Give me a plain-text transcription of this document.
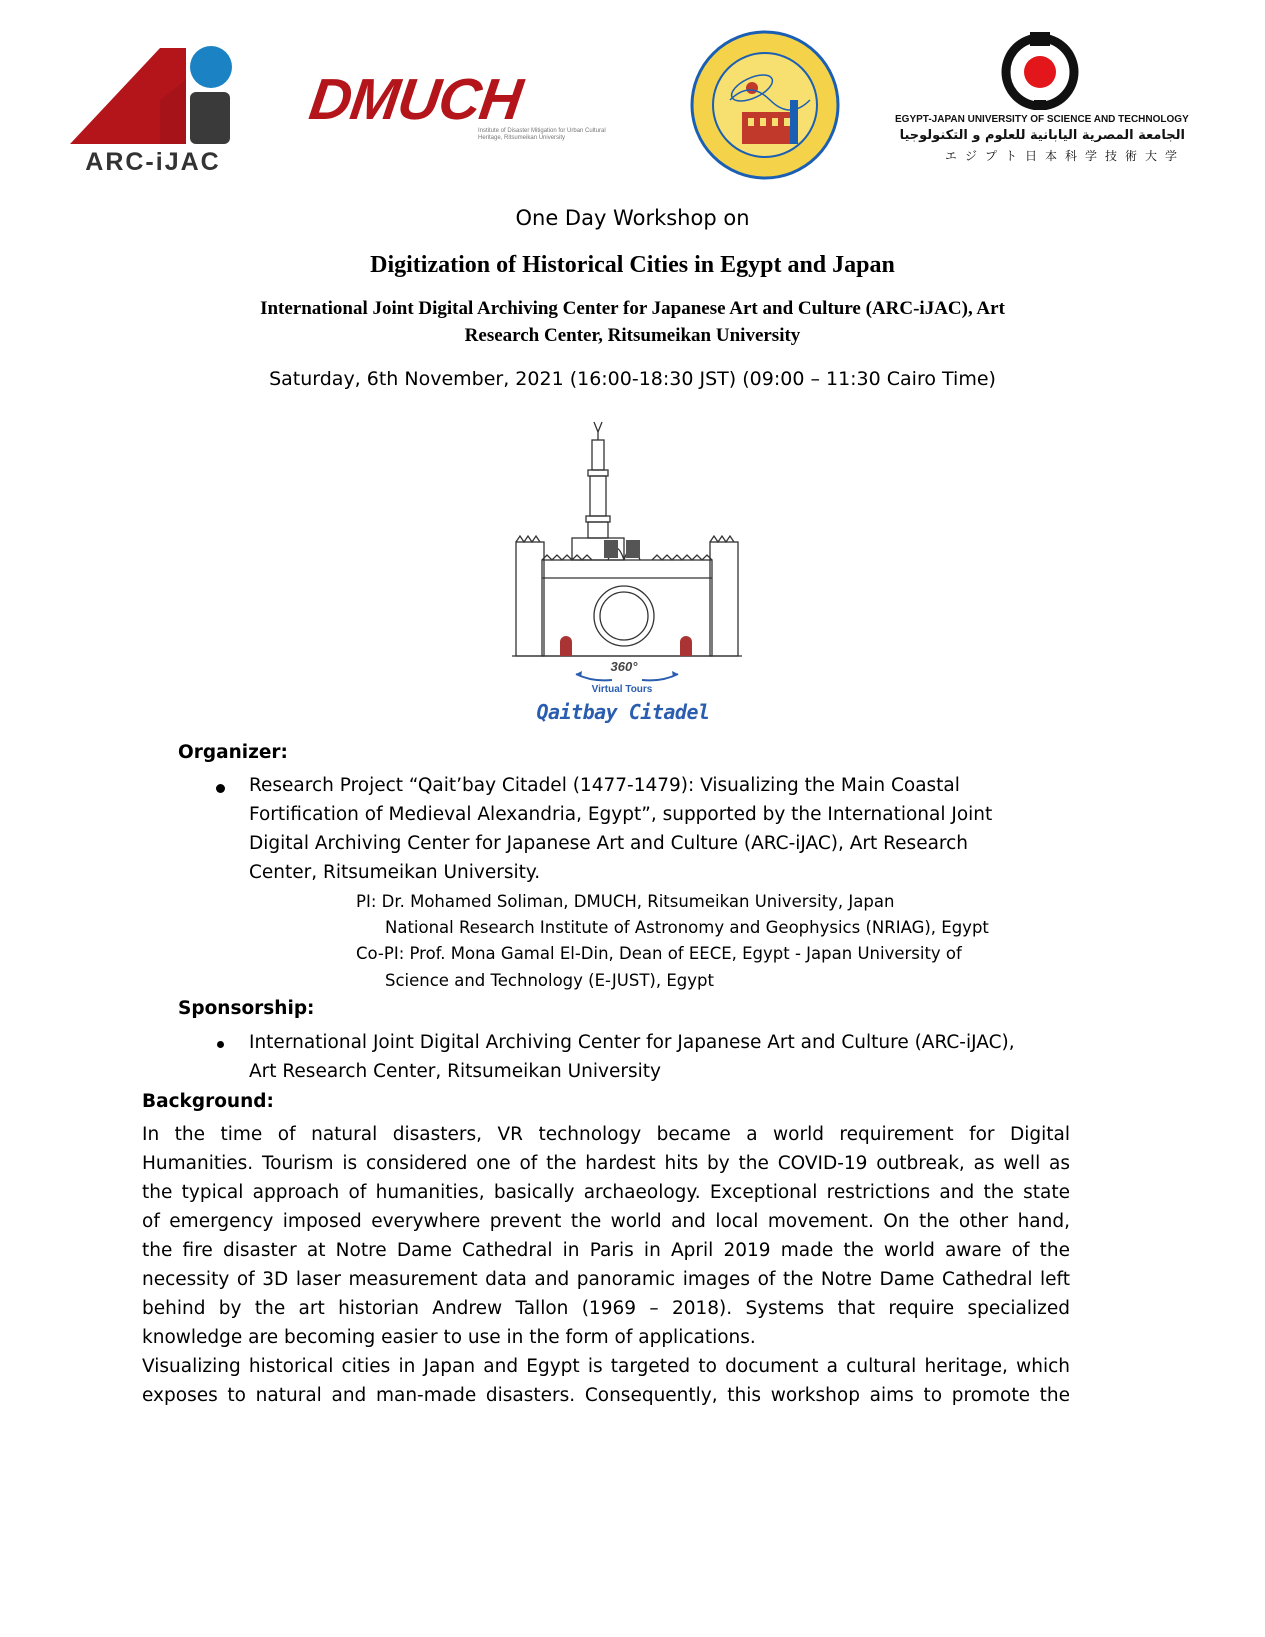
ARC-iJAC
DMUCH
Institute of Disaster Mitigation for Urban Cultural Heritage, Ritsumeikan University
EGYPT-JAPAN UNIVERSITY OF SCIENCE AND TECHNOLOGY
الجامعة المصرية اليابانية للعلوم و التكنولوجيا
エジプト日本科学技術大学
One Day Workshop on
Digitization of Historical Cities in Egypt and Japan
International Joint Digital Archiving Center for Japanese Art and Culture (ARC-iJAC), Art
Research Center, Ritsumeikan University
Saturday, 6th November, 2021 (16:00-18:30 JST) (09:00 – 11:30 Cairo Time)
360°
Virtual Tours
Qaitbay Citadel
Organizer:
Research Project “Qait’bay Citadel (1477-1479): Visualizing the Main Coastal
Fortification of Medieval Alexandria, Egypt”, supported by the International Joint
Digital Archiving Center for Japanese Art and Culture (ARC-iJAC), Art Research
Center, Ritsumeikan University.
PI: Dr. Mohamed Soliman, DMUCH, Ritsumeikan University, Japan
National Research Institute of Astronomy and Geophysics (NRIAG), Egypt
Co-PI: Prof. Mona Gamal El-Din, Dean of EECE, Egypt - Japan University of
Science and Technology (E-JUST), Egypt
Sponsorship:
International Joint Digital Archiving Center for Japanese Art and Culture (ARC-iJAC),
Art Research Center, Ritsumeikan University
Background:
In the time of natural disasters, VR technology became a world requirement for Digital
Humanities. Tourism is considered one of the hardest hits by the COVID-19 outbreak, as well as
the typical approach of humanities, basically archaeology. Exceptional restrictions and the state
of emergency imposed everywhere prevent the world and local movement. On the other hand,
the fire disaster at Notre Dame Cathedral in Paris in April 2019 made the world aware of the
necessity of 3D laser measurement data and panoramic images of the Notre Dame Cathedral left
behind by the art historian Andrew Tallon (1969 – 2018). Systems that require specialized
knowledge are becoming easier to use in the form of applications.
Visualizing historical cities in Japan and Egypt is targeted to document a cultural heritage, which
exposes to natural and man-made disasters. Consequently, this workshop aims to promote the
